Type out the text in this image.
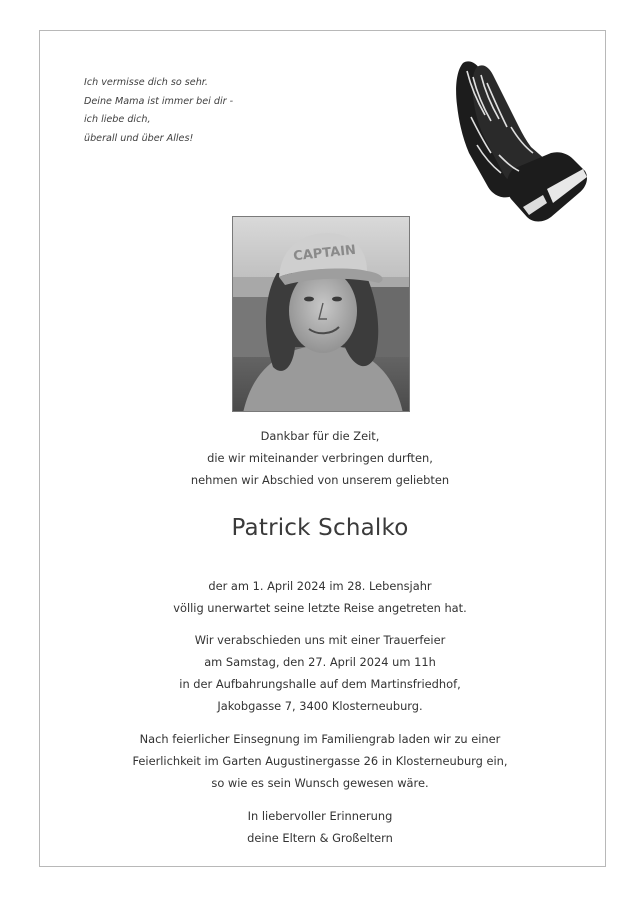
Ich vermisse dich so sehr.
Deine Mama ist immer bei dir -
ich liebe dich,
überall und über Alles!
CAPTAIN
Dankbar für die Zeit,
die wir miteinander verbringen durften,
nehmen wir Abschied von unserem geliebten
Patrick Schalko
der am 1. April 2024 im 28. Lebensjahr
völlig unerwartet seine letzte Reise angetreten hat.
Wir verabschieden uns mit einer Trauerfeier
am Samstag, den 27. April 2024 um 11h
in der Aufbahrungshalle auf dem Martinsfriedhof,
Jakobgasse 7, 3400 Klosterneuburg.
Nach feierlicher Einsegnung im Familiengrab laden wir zu einer
Feierlichkeit im Garten Augustinergasse 26 in Klosterneuburg ein,
so wie es sein Wunsch gewesen wäre.
In liebervoller Erinnerung
deine Eltern & Großeltern
